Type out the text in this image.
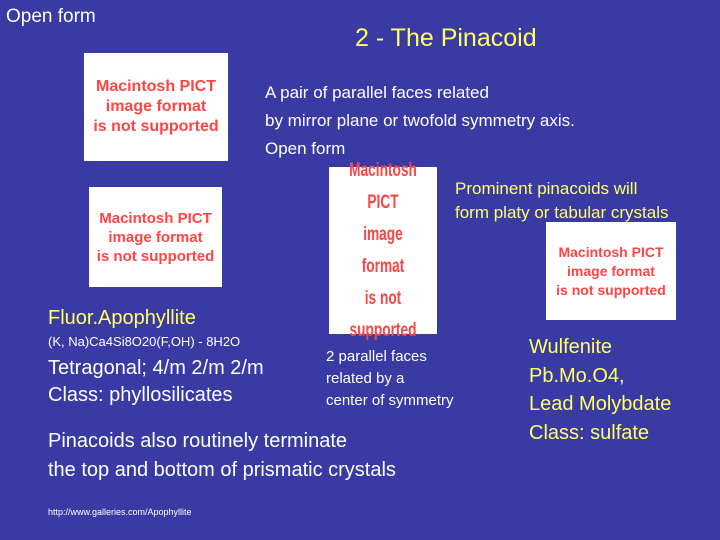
Open form
2 - The Pinacoid
Macintosh PICT
image format
is not supported
Macintosh PICT
image format
is not supported
Macintosh PICT
image format
is not supported
Macintosh PICT
image format
is not supported
A pair of parallel faces related
by mirror plane or twofold symmetry axis.
Open form
Prominent pinacoids will
form platy or tabular crystals
Fluor.Apophyllite
(K, Na)Ca4Si8O20(F,OH) - 8H2O
Tetragonal; 4/m 2/m 2/m
Class: phyllosilicates
2 parallel faces
related by a
center of symmetry
Pinacoids also routinely terminate
the top and bottom of prismatic crystals
http://www.galleries.com/Apophyllite
Wulfenite
Pb.Mo.O4,
Lead Molybdate
Class: sulfate
